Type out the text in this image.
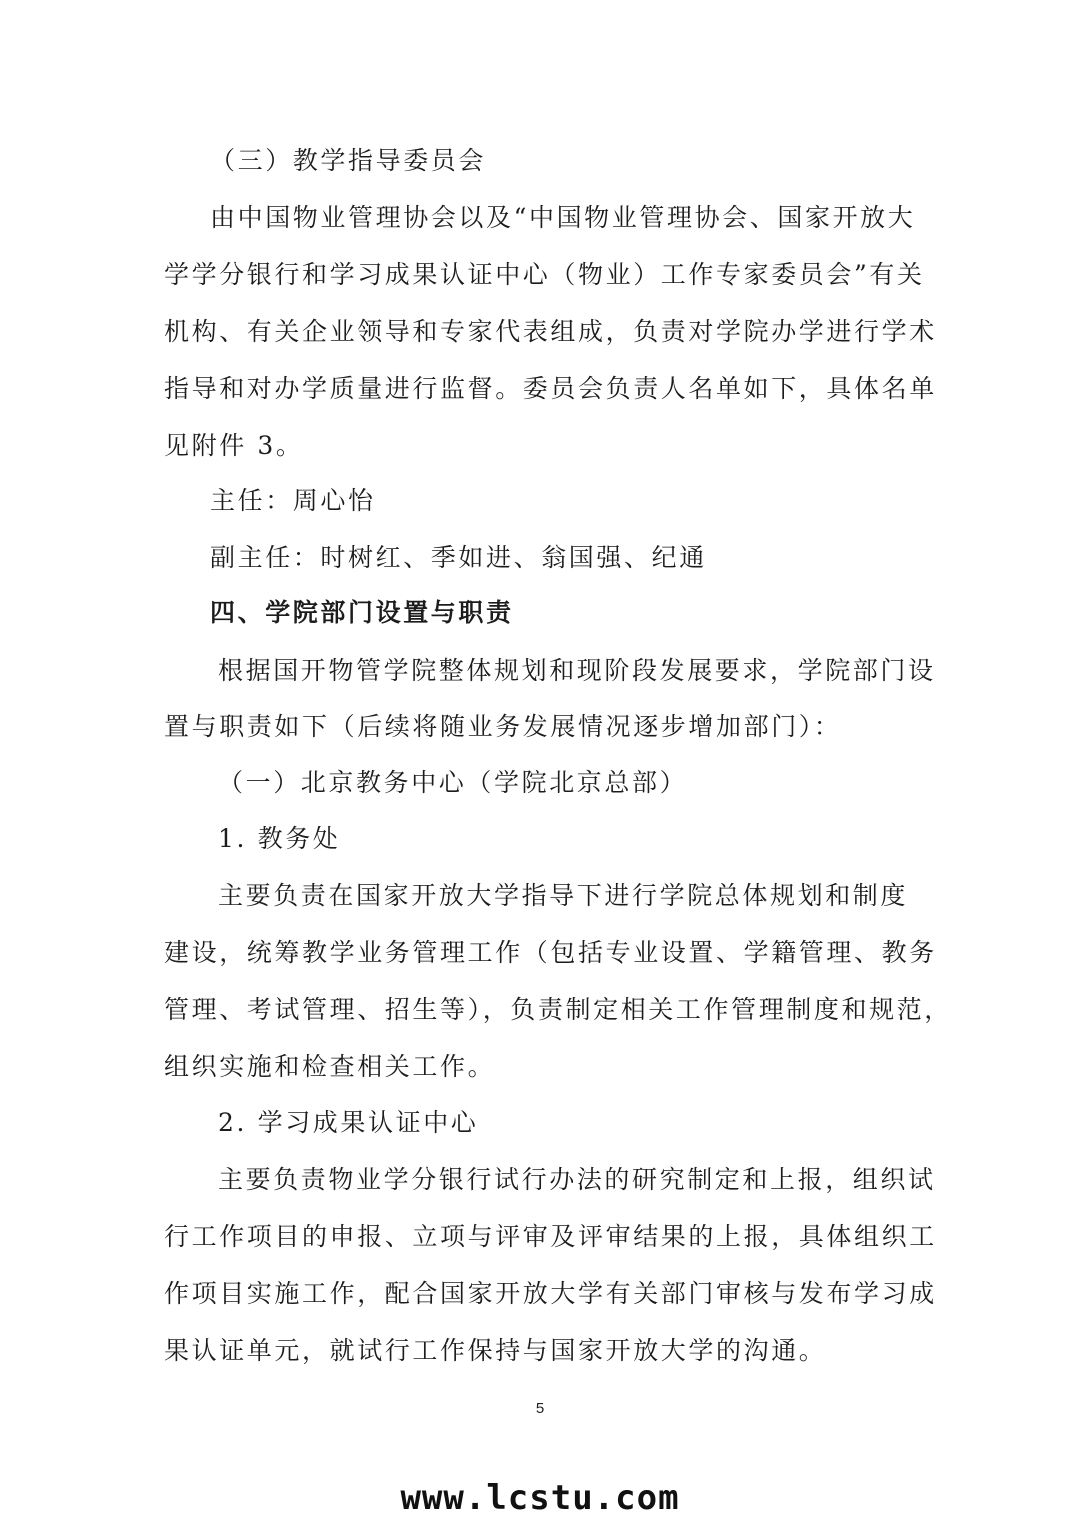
（三）教学指导委员会

由中国物业管理协会以及“中国物业管理协会、国家开放大

学学分银行和学习成果认证中心（物业）工作专家委员会”有关

机构、有关企业领导和专家代表组成，负责对学院办学进行学术

指导和对办学质量进行监督。委员会负责人名单如下，具体名单

见附件 3。

主任：周心怡

副主任：时树红、季如进、翁国强、纪通

四、学院部门设置与职责

根据国开物管学院整体规划和现阶段发展要求，学院部门设

置与职责如下（后续将随业务发展情况逐步增加部门）：

（一）北京教务中心（学院北京总部）

1. 教务处

主要负责在国家开放大学指导下进行学院总体规划和制度

建设，统筹教学业务管理工作（包括专业设置、学籍管理、教务

管理、考试管理、招生等），负责制定相关工作管理制度和规范，

组织实施和检查相关工作。

2. 学习成果认证中心

主要负责物业学分银行试行办法的研究制定和上报，组织试

行工作项目的申报、立项与评审及评审结果的上报，具体组织工

作项目实施工作，配合国家开放大学有关部门审核与发布学习成

果认证单元，就试行工作保持与国家开放大学的沟通。

5
www.lcstu.com
